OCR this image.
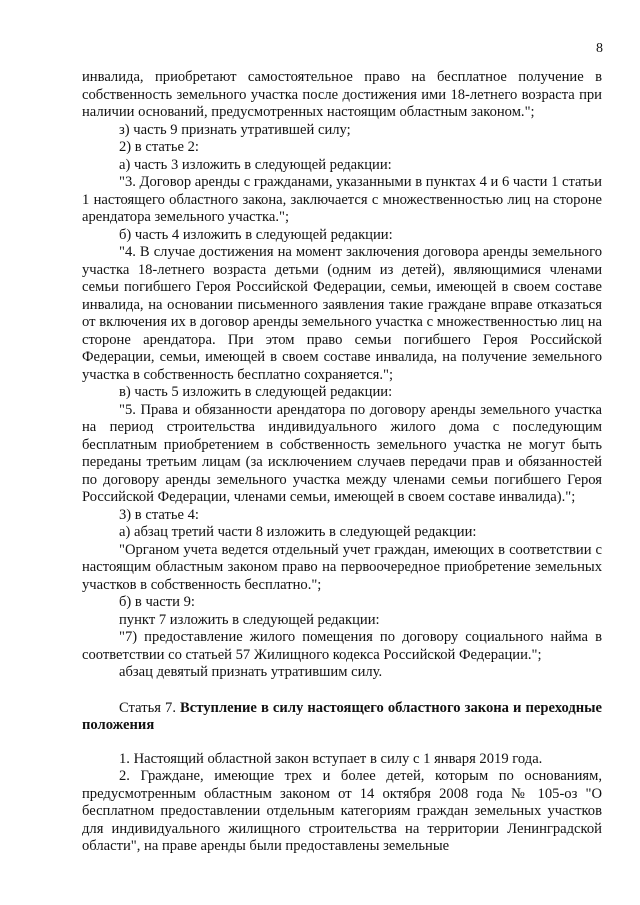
8

инвалида, приобретают самостоятельное право на бесплатное получение в собственность земельного участка после достижения ими 18-летнего возраста при наличии оснований, предусмотренных настоящим областным законом.";

з) часть 9 признать утратившей силу;

2) в статье 2:

а) часть 3 изложить в следующей редакции:

"3. Договор аренды с гражданами, указанными в пунктах 4 и 6 части 1 статьи 1 настоящего областного закона, заключается с множественностью лиц на стороне арендатора земельного участка.";

б) часть 4 изложить в следующей редакции:

"4. В случае достижения на момент заключения договора аренды земельного участка 18-летнего возраста детьми (одним из детей), являющимися членами семьи погибшего Героя Российской Федерации, семьи, имеющей в своем составе инвалида, на основании письменного заявления такие граждане вправе отказаться от включения их в договор аренды земельного участка с множественностью лиц на стороне арендатора. При этом право семьи погибшего Героя Российской Федерации, семьи, имеющей в своем составе инвалида, на получение земельного участка в собственность бесплатно сохраняется.";

в) часть 5 изложить в следующей редакции:

"5. Права и обязанности арендатора по договору аренды земельного участка на период строительства индивидуального жилого дома с последующим бесплатным приобретением в собственность земельного участка не могут быть переданы третьим лицам (за исключением случаев передачи прав и обязанностей по договору аренды земельного участка между членами семьи погибшего Героя Российской Федерации, членами семьи, имеющей в своем составе инвалида).";

3) в статье 4:

а) абзац третий части 8 изложить в следующей редакции:

"Органом учета ведется отдельный учет граждан, имеющих в соответствии с настоящим областным законом право на первоочередное приобретение земельных участков в собственность бесплатно.";

б) в части 9:

пункт 7 изложить в следующей редакции:

"7) предоставление жилого помещения по договору социального найма в соответствии со статьей 57 Жилищного кодекса Российской Федерации.";

абзац девятый признать утратившим силу.

Статья 7. Вступление в силу настоящего областного закона и переходные положения

1. Настоящий областной закон вступает в силу с 1 января 2019 года.

2. Граждане, имеющие трех и более детей, которым по основаниям, предусмотренным областным законом от 14 октября 2008 года № 105-оз "О бесплатном предоставлении отдельным категориям граждан земельных участков для индивидуального жилищного строительства на территории Ленинградской области", на праве аренды были предоставлены земельные
